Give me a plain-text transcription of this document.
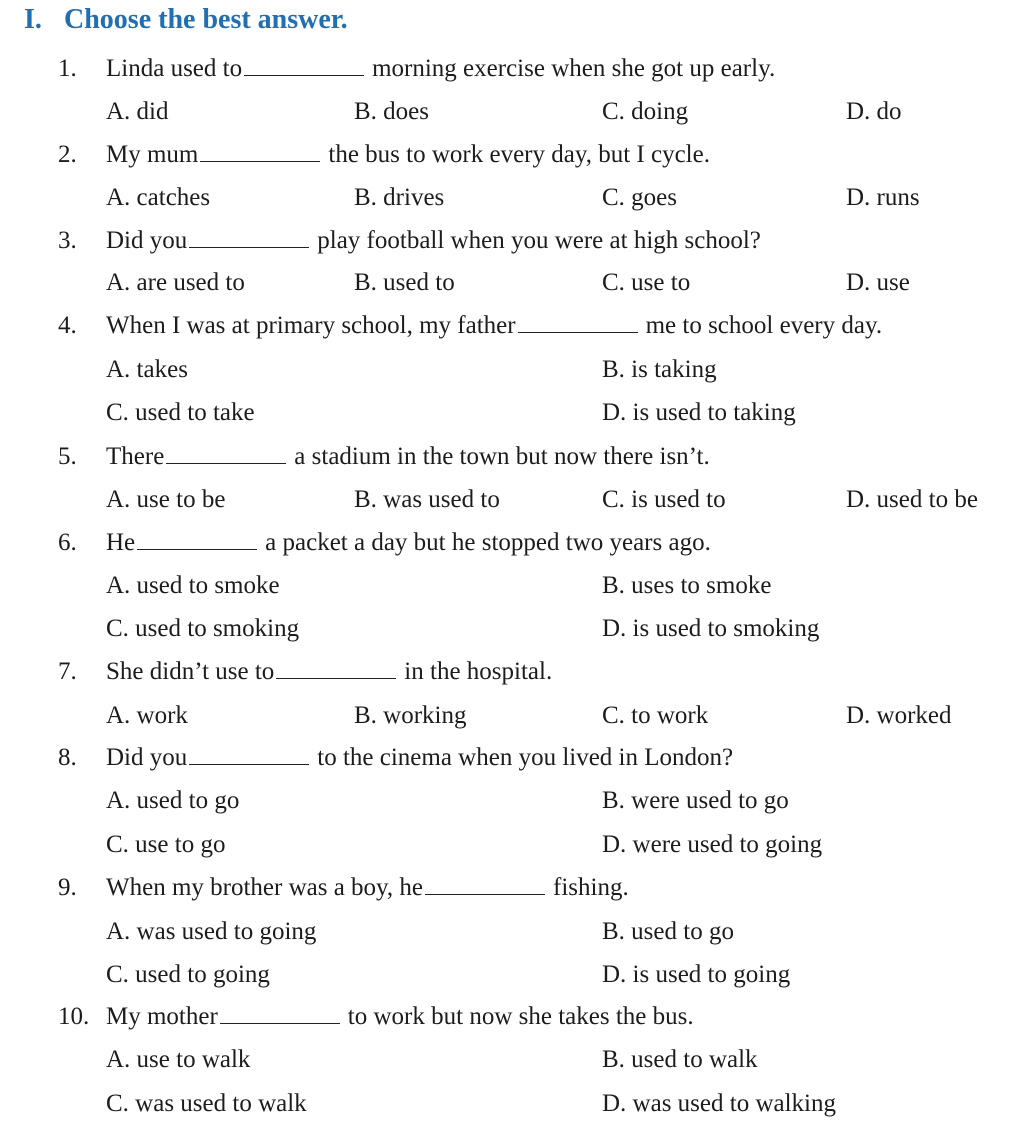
I. Choose the best answer.
1. Linda used to	morning exercise when she got up early.
A. did	B. does	C. doing	D. do
2. My mum	the bus to work every day, but I cycle.
A. catches	B. drives	C. goes	D. runs
3. Did you	play football when you were at high school?
A. are used to	B. used to	C. use to	D. use
4. When I was at primary school, my father	me to school every day.
A. takes	B. is taking
C. used to take	D. is used to taking
5. There	a stadium in the town but now there isn’t.
A. use to be	B. was used to	C. is used to	D. used to be
6. He	a packet a day but he stopped two years ago.
A. used to smoke	B. uses to smoke
C. used to smoking	D. is used to smoking
7. She didn’t use to	in the hospital.
A. work	B. working	C. to work	D. worked
8. Did you	to the cinema when you lived in London?
A. used to go	B. were used to go
C. use to go	D. were used to going
9. When my brother was a boy, he	fishing.
A. was used to going	B. used to go
C. used to going	D. is used to going
10. My mother	to work but now she takes the bus.
A. use to walk	B. used to walk
C. was used to walk	D. was used to walking
